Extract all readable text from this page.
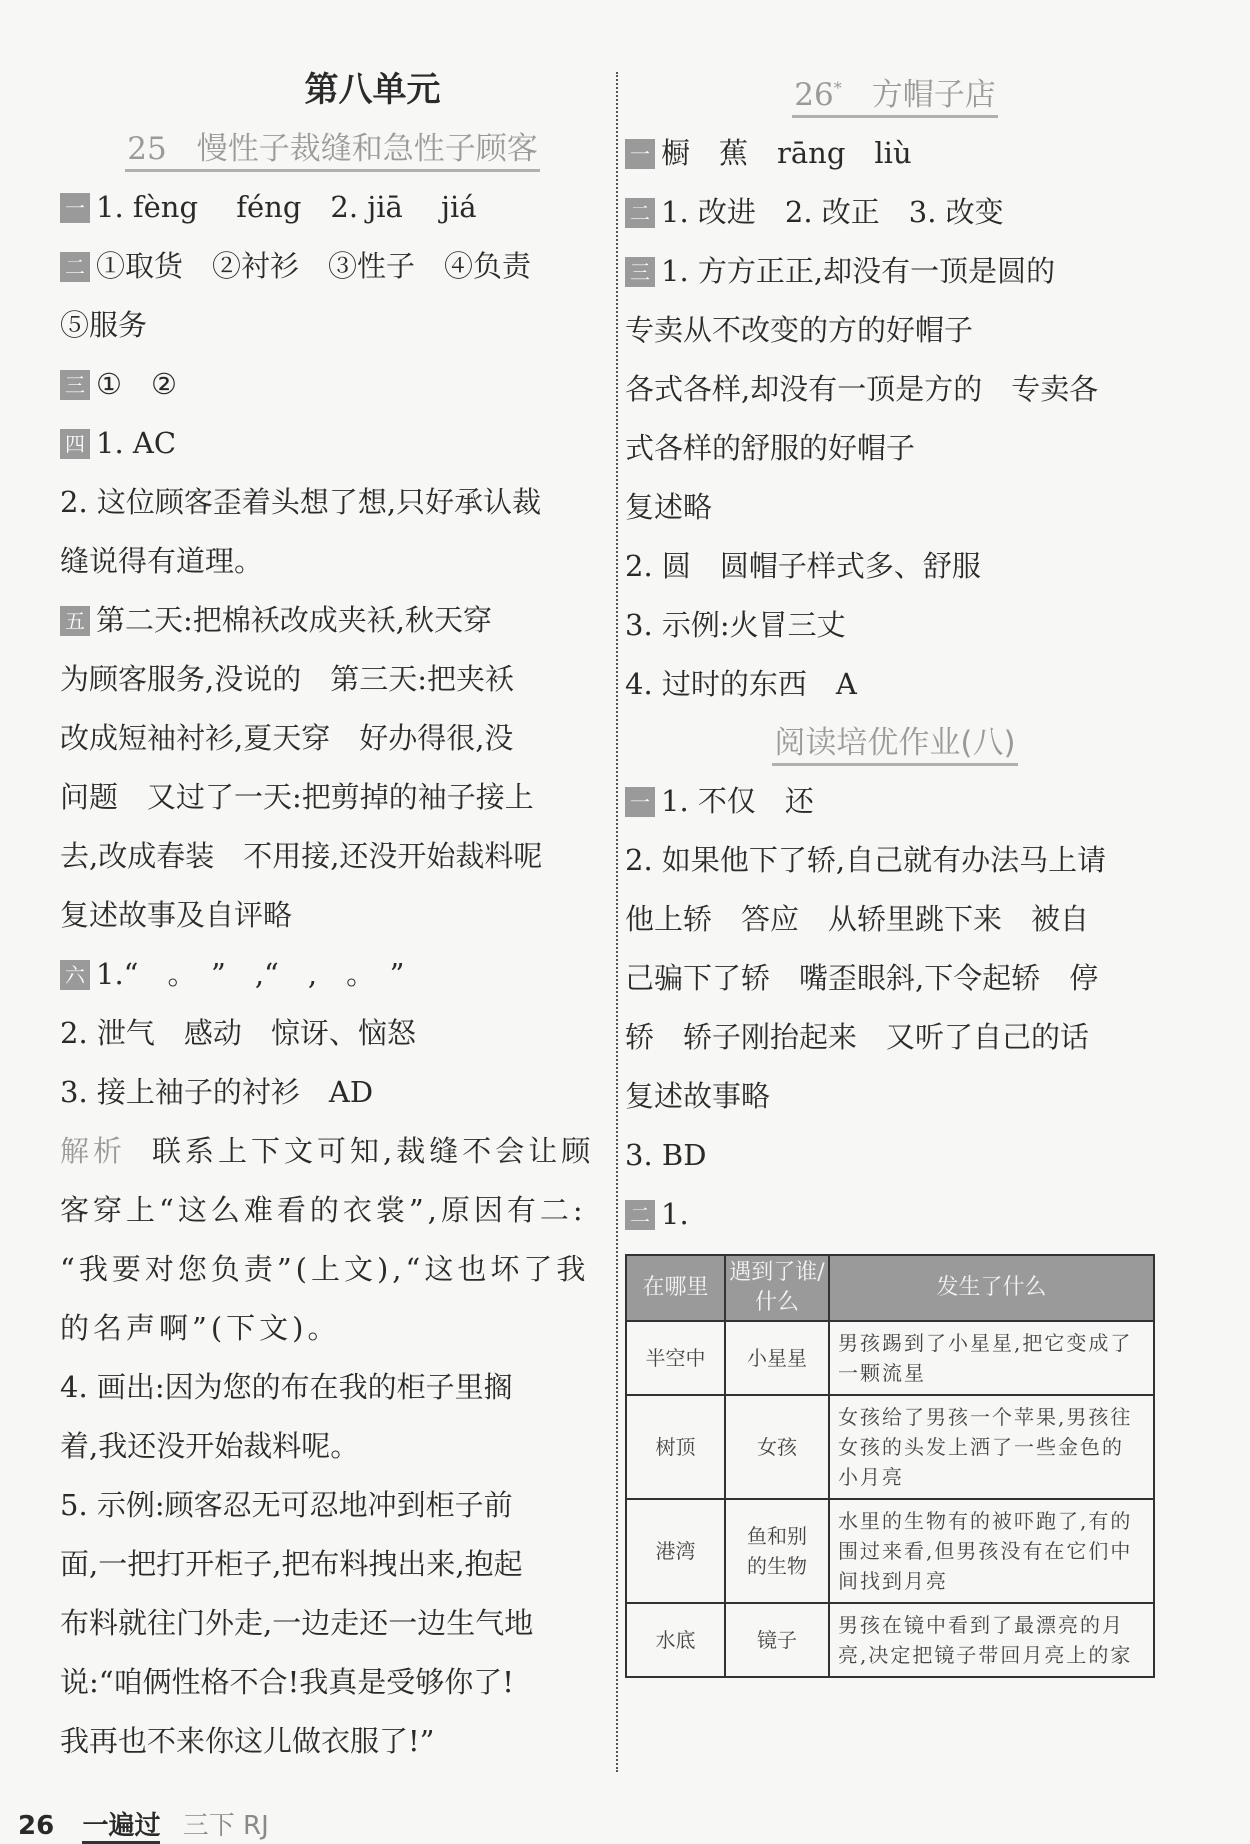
第八单元
25 慢性子裁缝和急性子顾客
一 1. fèng　 féng　2. jiā　 jiá
二 ①取货　②衬衫　③性子　④负责
⑤服务
三 ①　②
四 1. AC
2. 这位顾客歪着头想了想,只好承认裁
缝说得有道理。
五 第二天:把棉袄改成夹袄,秋天穿
为顾客服务,没说的　第三天:把夹袄
改成短袖衬衫,夏天穿　好办得很,没
问题　又过了一天:把剪掉的袖子接上
去,改成春装　不用接,还没开始裁料呢
复述故事及自评略
六 1.“　。　”　,“　,　。　”
2. 泄气　感动　惊讶、恼怒
3. 接上袖子的衬衫　AD
解析 联系上下文可知,裁缝不会让顾
客穿上“这么难看的衣裳”,原因有二:
“我要对您负责”(上文),“这也坏了我
的名声啊”(下文)。
4. 画出:因为您的布在我的柜子里搁
着,我还没开始裁料呢。
5. 示例:顾客忍无可忍地冲到柜子前
面,一把打开柜子,把布料拽出来,抱起
布料就往门外走,一边走还一边生气地
说:“咱俩性格不合!我真是受够你了!
我再也不来你这儿做衣服了!”
26* 方帽子店
一 橱　蕉　rāng　liù
二 1. 改进　2. 改正　3. 改变
三 1. 方方正正,却没有一顶是圆的
专卖从不改变的方的好帽子
各式各样,却没有一顶是方的　专卖各
式各样的舒服的好帽子
复述略
2. 圆　圆帽子样式多、舒服
3. 示例:火冒三丈
4. 过时的东西　A
阅读培优作业(八)
一 1. 不仅　还
2. 如果他下了轿,自己就有办法马上请
他上轿　答应　从轿里跳下来　被自
己骗下了轿　嘴歪眼斜,下令起轿　停
轿　轿子刚抬起来　又听了自己的话
复述故事略
3. BD
二 1.
在哪里	遇到了谁/什么	发生了什么
半空中	小星星	男孩踢到了小星星,把它变成了一颗流星
树顶	女孩	女孩给了男孩一个苹果,男孩往女孩的头发上洒了一些金色的小月亮
港湾	鱼和别的生物	水里的生物有的被吓跑了,有的围过来看,但男孩没有在它们中间找到月亮
水底	镜子	男孩在镜中看到了最漂亮的月亮,决定把镜子带回月亮上的家
26 一遍过 三下 RJ
